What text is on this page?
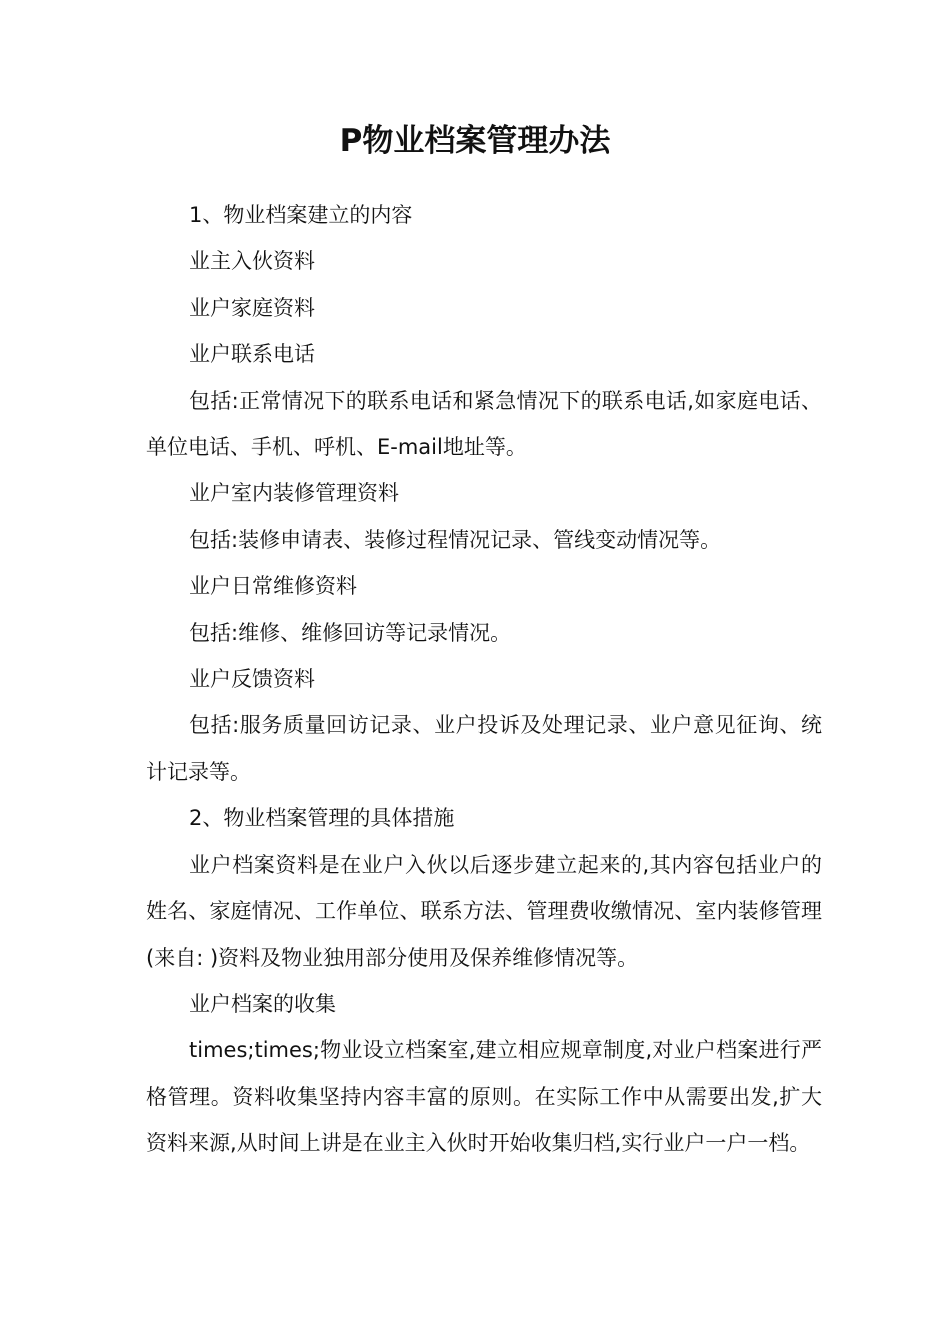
P物业档案管理办法

1、物业档案建立的内容

业主入伙资料

业户家庭资料

业户联系电话

包括:正常情况下的联系电话和紧急情况下的联系电话,如家庭电话、单位电话、手机、呼机、E-mail地址等。

业户室内装修管理资料

包括:装修申请表、装修过程情况记录、管线变动情况等。

业户日常维修资料

包括:维修、维修回访等记录情况。

业户反馈资料

包括:服务质量回访记录、业户投诉及处理记录、业户意见征询、统计记录等。

2、物业档案管理的具体措施

业户档案资料是在业户入伙以后逐步建立起来的,其内容包括业户的姓名、家庭情况、工作单位、联系方法、管理费收缴情况、室内装修管理(来自: )资料及物业独用部分使用及保养维修情况等。

业户档案的收集

times;times;物业设立档案室,建立相应规章制度,对业户档案进行严格管理。资料收集坚持内容丰富的原则。在实际工作中从需要出发,扩大资料来源,从时间上讲是在业主入伙时开始收集归档,实行业户一户一档。
